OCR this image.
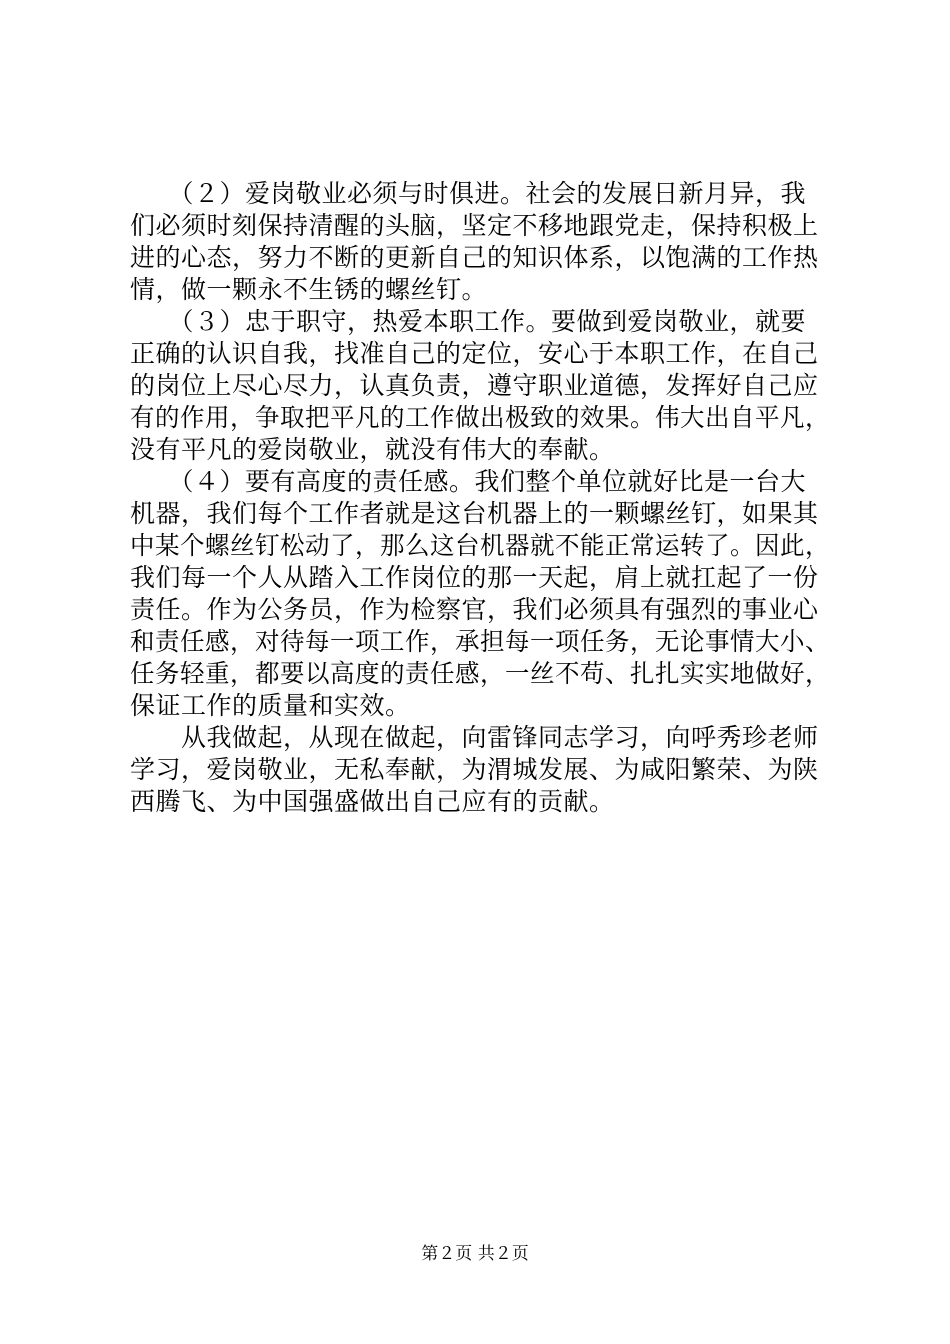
　　（２）爱岗敬业必须与时俱进。社会的发展日新月异，我
们必须时刻保持清醒的头脑，坚定不移地跟党走，保持积极上
进的心态，努力不断的更新自己的知识体系，以饱满的工作热
情，做一颗永不生锈的螺丝钉。
　　（３）忠于职守，热爱本职工作。要做到爱岗敬业，就要
正确的认识自我，找准自己的定位，安心于本职工作，在自己
的岗位上尽心尽力，认真负责，遵守职业道德，发挥好自己应
有的作用，争取把平凡的工作做出极致的效果。伟大出自平凡，
没有平凡的爱岗敬业，就没有伟大的奉献。
　　（４）要有高度的责任感。我们整个单位就好比是一台大
机器，我们每个工作者就是这台机器上的一颗螺丝钉，如果其
中某个螺丝钉松动了，那么这台机器就不能正常运转了。因此，
我们每一个人从踏入工作岗位的那一天起，肩上就扛起了一份
责任。作为公务员，作为检察官，我们必须具有强烈的事业心
和责任感，对待每一项工作，承担每一项任务，无论事情大小、
任务轻重，都要以高度的责任感，一丝不苟、扎扎实实地做好，
保证工作的质量和实效。
　　从我做起，从现在做起，向雷锋同志学习，向呼秀珍老师
学习，爱岗敬业，无私奉献，为渭城发展、为咸阳繁荣、为陕
西腾飞、为中国强盛做出自己应有的贡献。
第２页 共２页
